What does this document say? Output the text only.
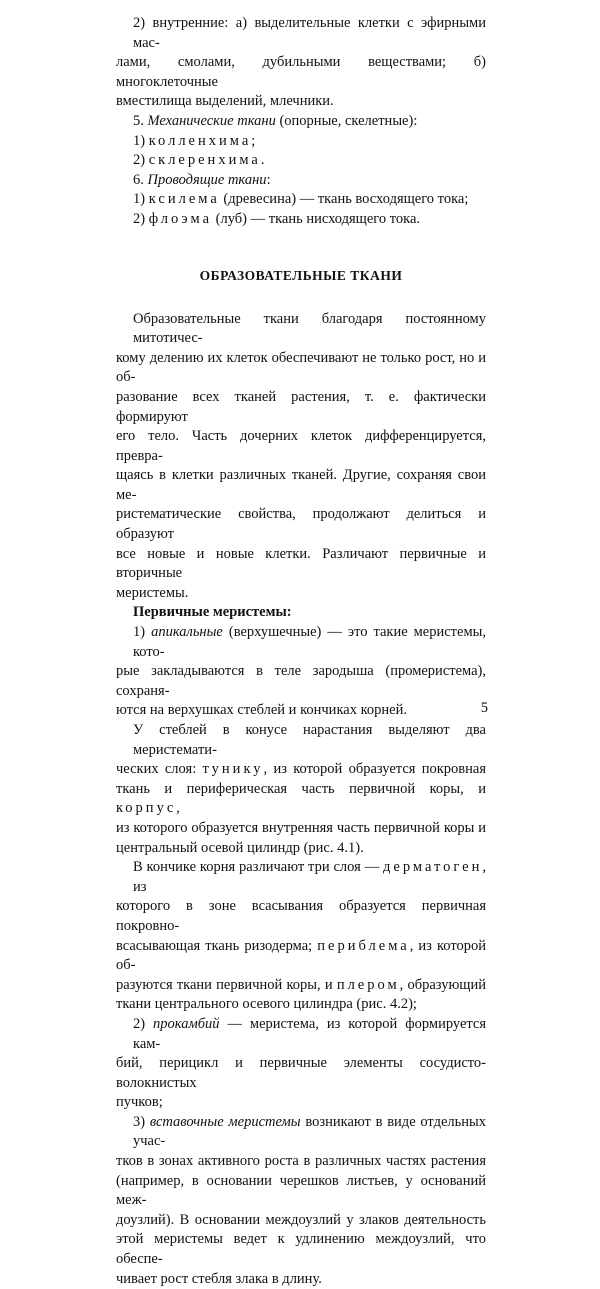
2) внутренние: а) выделительные клетки с эфирными мас-

лами, смолами, дубильными веществами; б) многоклеточные

вместилища выделений, млечники.

5. Механические ткани (опорные, скелетные):

1) колленхима;

2) склеренхима.

6. Проводящие ткани:

1) ксилема (древесина) — ткань восходящего тока;

2) флоэма (луб) — ткань нисходящего тока.

ОБРАЗОВАТЕЛЬНЫЕ ТКАНИ

Образовательные ткани благодаря постоянному митотичес-

кому делению их клеток обеспечивают не только рост, но и об-

разование всех тканей растения, т. е. фактически формируют

его тело. Часть дочерних клеток дифференцируется, превра-

щаясь в клетки различных тканей. Другие, сохраняя свои ме-

ристематические свойства, продолжают делиться и образуют

все новые и новые клетки. Различают первичные и вторичные

меристемы.

Первичные меристемы:

1) апикальные (верхушечные) — это такие меристемы, кото-

рые закладываются в теле зародыша (промеристема), сохраня-

ются на верхушках стеблей и кончиках корней.

У стеблей в конусе нарастания выделяют два меристемати-

ческих слоя: тунику, из которой образуется покровная

ткань и периферическая часть первичной коры, и корпус,

из которого образуется внутренняя часть первичной коры и

центральный осевой цилиндр (рис. 4.1).

В кончике корня различают три слоя — дерматоген, из

которого в зоне всасывания образуется первичная покровно-

всасывающая ткань ризодерма; периблема, из которой об-

разуются ткани первичной коры, и плером, образующий

ткани центрального осевого цилиндра (рис. 4.2);

2) прокамбий — меристема, из которой формируется кам-

бий, перицикл и первичные элементы сосудисто-волокнистых

пучков;

3) вставочные меристемы возникают в виде отдельных учас-

тков в зонах активного роста в различных частях растения

(например, в основании черешков листьев, у оснований меж-

доузлий). В основании междоузлий у злаков деятельность

этой меристемы ведет к удлинению междоузлий, что обеспе-

чивает рост стебля злака в длину.

5
